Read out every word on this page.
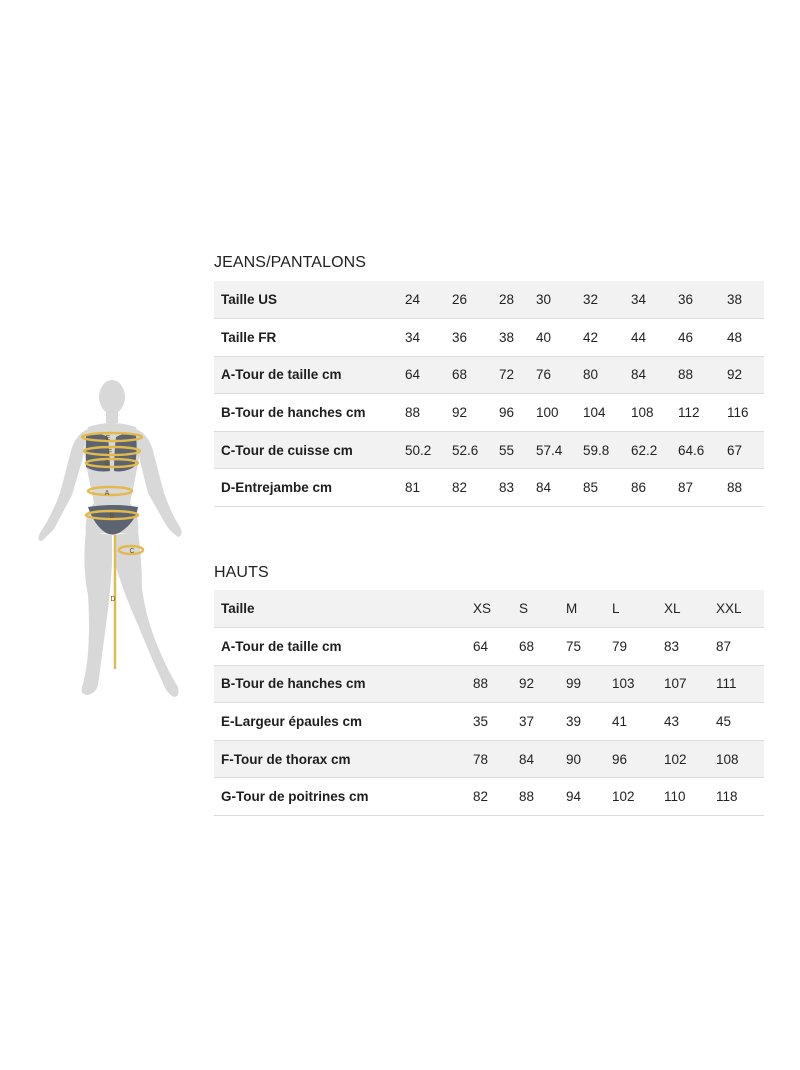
E
F
G
A
B
C
D
JEANS/PANTALONS
Taille US	24	26	28	30	32	34	36	38
Taille FR	34	36	38	40	42	44	46	48
A-Tour de taille cm	64	68	72	76	80	84	88	92
B-Tour de hanches cm	88	92	96	100	104	108	112	116
C-Tour de cuisse cm	50.2	52.6	55	57.4	59.8	62.2	64.6	67
D-Entrejambe cm	81	82	83	84	85	86	87	88
HAUTS
Taille	XS	S	M	L	XL	XXL
A-Tour de taille cm	64	68	75	79	83	87
B-Tour de hanches cm	88	92	99	103	107	111
E-Largeur épaules cm	35	37	39	41	43	45
F-Tour de thorax cm	78	84	90	96	102	108
G-Tour de poitrines cm	82	88	94	102	110	118
